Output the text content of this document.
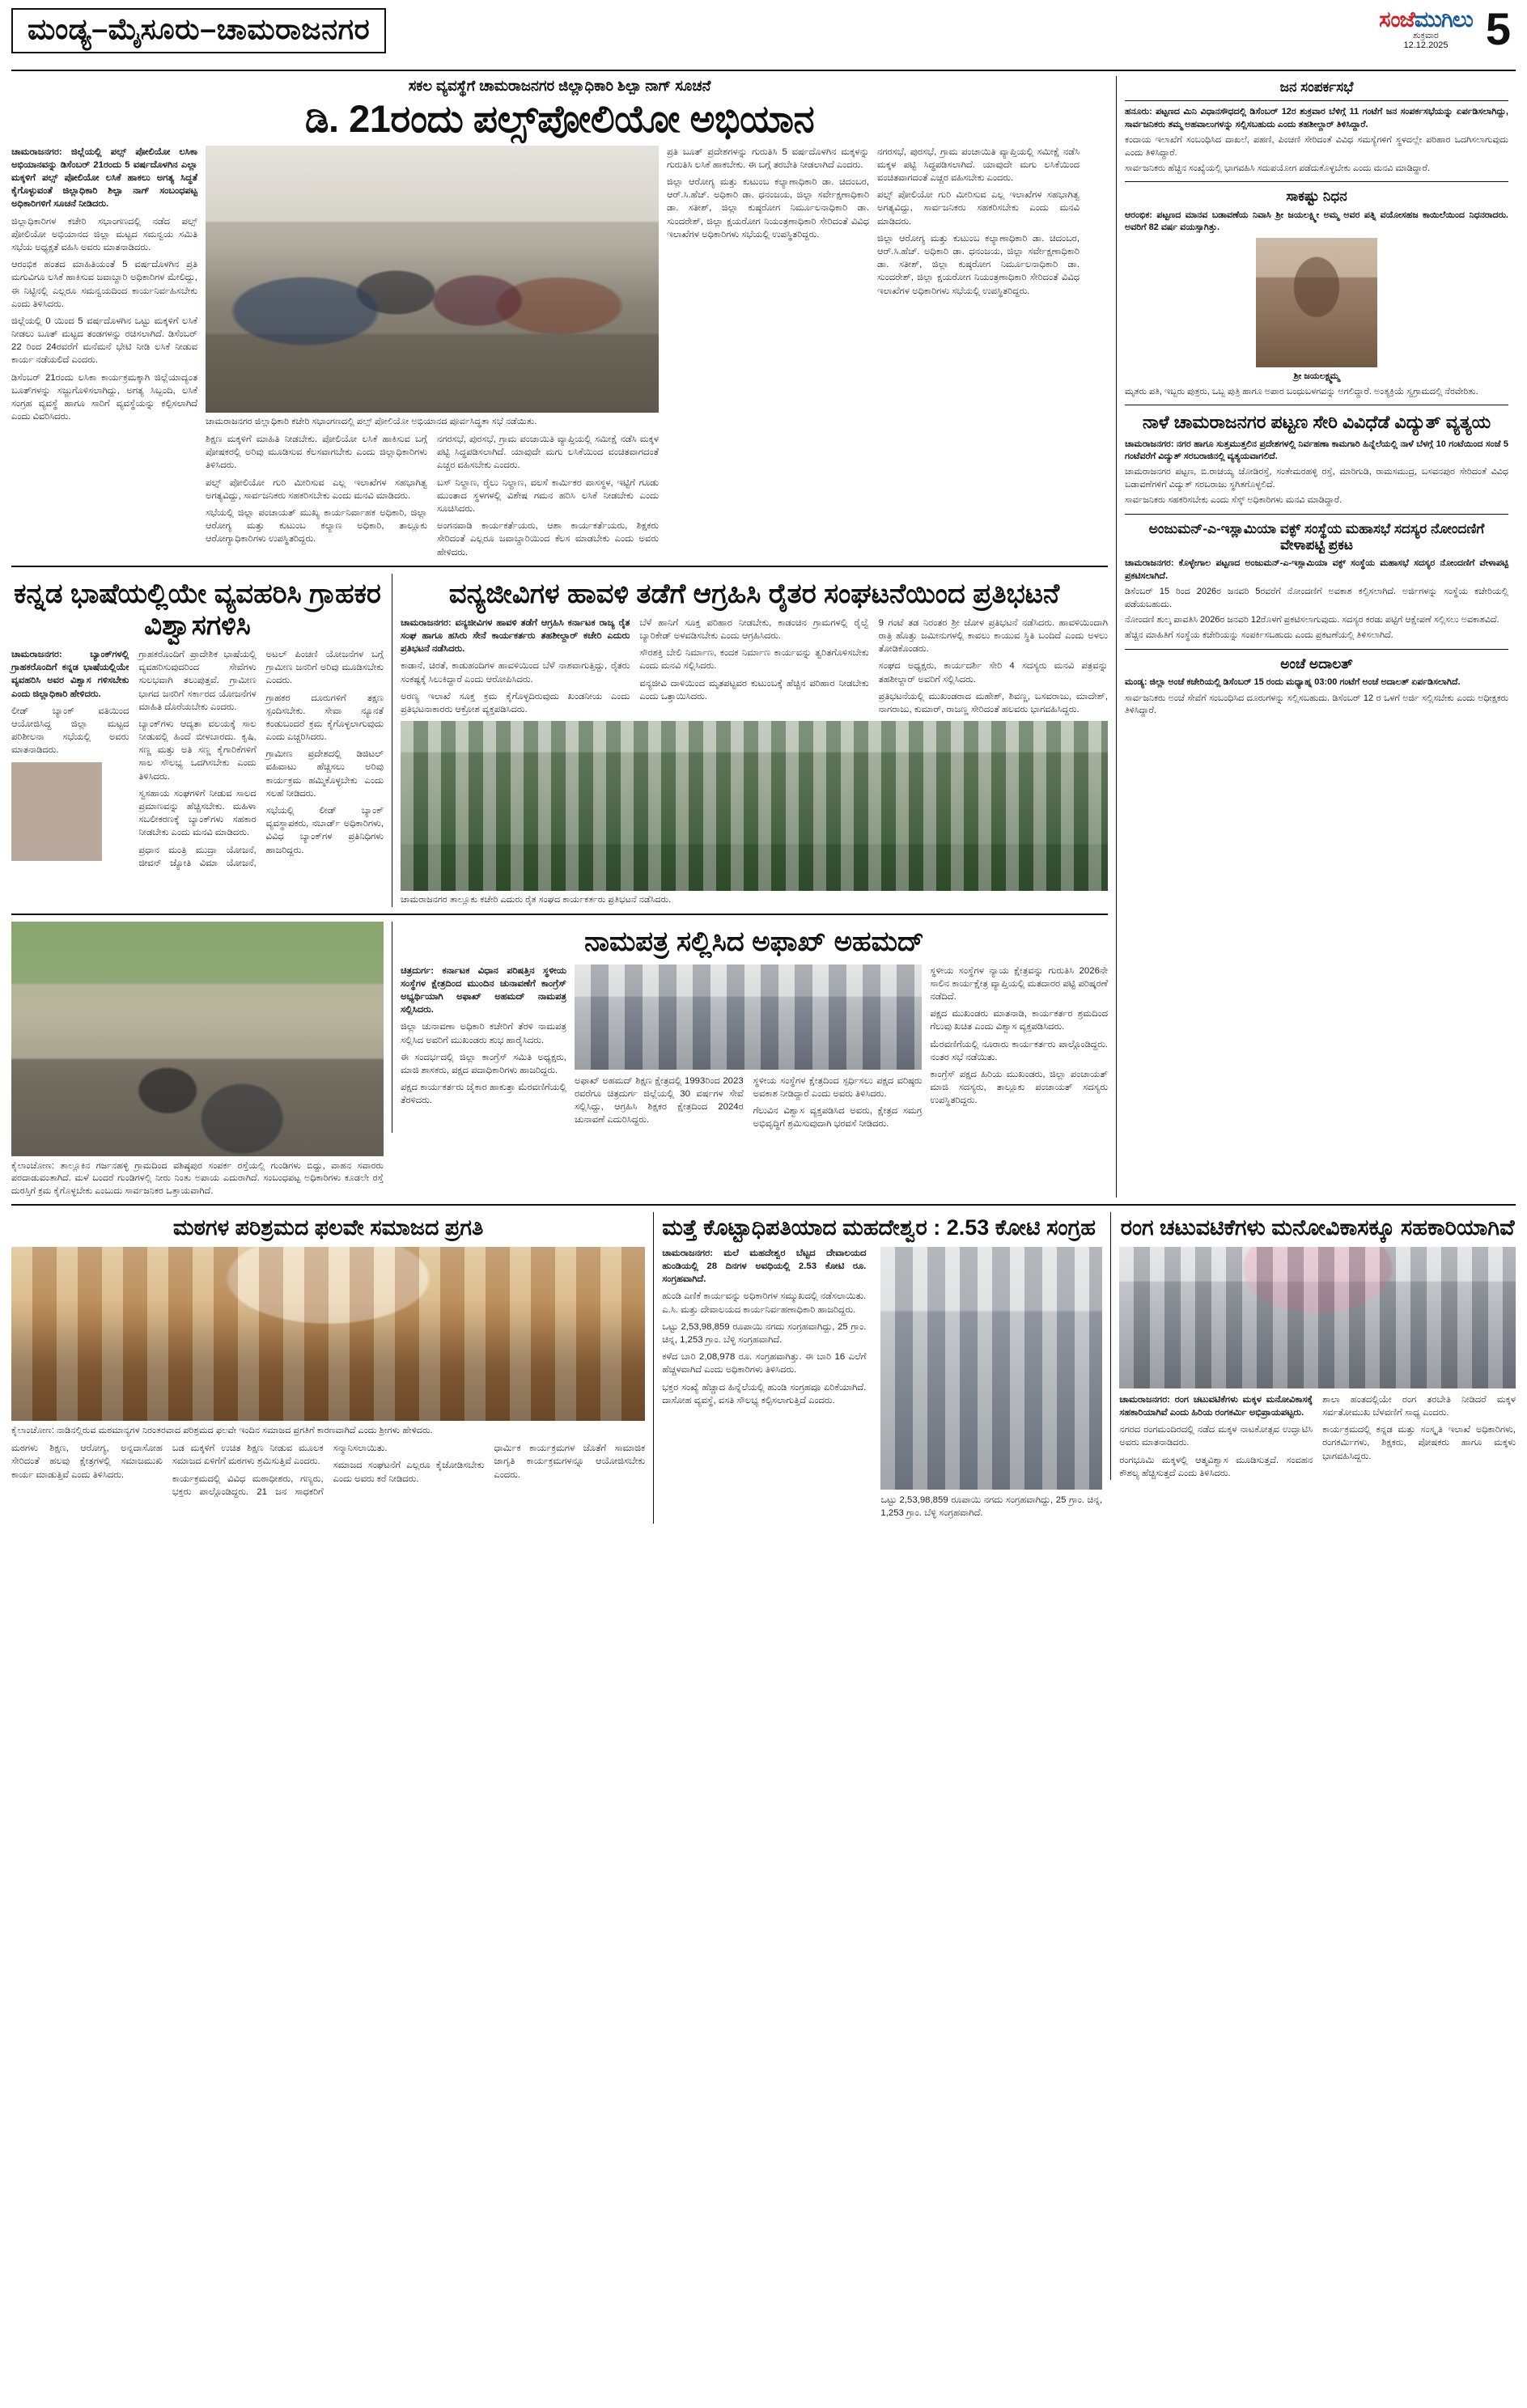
ಮಂಡ್ಯ–ಮೈಸೂರು–ಚಾಮರಾಜನಗರ	ಸಂಜೆಮುಗಿಲು
ಶುಕ್ರವಾರ
12.12.2025 5
ಸಕಲ ವ್ಯವಸ್ಥೆಗೆ ಚಾಮರಾಜನಗರ ಜಿಲ್ಲಾಧಿಕಾರಿ ಶಿಲ್ಪಾ ನಾಗ್ ಸೂಚನೆ
ಡಿ. 21ರಂದು ಪಲ್ಸ್‌ಪೋಲಿಯೋ ಅಭಿಯಾನ

ಚಾಮರಾಜನಗರ: ಜಿಲ್ಲೆಯಲ್ಲಿ ಪಲ್ಸ್ ಪೋಲಿಯೋ ಲಸಿಕಾ ಅಭಿಯಾನವನ್ನು ಡಿಸೆಂಬರ್ 21ರಂದು 5 ವರ್ಷದೊಳಗಿನ ಎಲ್ಲಾ ಮಕ್ಕಳಿಗೆ ಪಲ್ಸ್ ಪೋಲಿಯೋ ಲಸಿಕೆ ಹಾಕಲು ಅಗತ್ಯ ಸಿದ್ಧತೆ ಕೈಗೊಳ್ಳುವಂತೆ ಜಿಲ್ಲಾಧಿಕಾರಿ ಶಿಲ್ಪಾ ನಾಗ್ ಸಂಬಂಧಪಟ್ಟ ಅಧಿಕಾರಿಗಳಿಗೆ ಸೂಚನೆ ನೀಡಿದರು.

ಜಿಲ್ಲಾಧಿಕಾರಿಗಳ ಕಚೇರಿ ಸಭಾಂಗಣದಲ್ಲಿ ನಡೆದ ಪಲ್ಸ್ ಪೋಲಿಯೋ ಅಭಿಯಾನದ ಜಿಲ್ಲಾ ಮಟ್ಟದ ಸಮನ್ವಯ ಸಮಿತಿ ಸಭೆಯ ಅಧ್ಯಕ್ಷತೆ ವಹಿಸಿ ಅವರು ಮಾತನಾಡಿದರು.

ಆರಂಭಿಕ ಹಂತದ ಮಾಹಿತಿಯಂತೆ 5 ವರ್ಷದೊಳಗಿನ ಪ್ರತಿ ಮಗುವಿಗೂ ಲಸಿಕೆ ಹಾಕಿಸುವ ಜವಾಬ್ದಾರಿ ಅಧಿಕಾರಿಗಳ ಮೇಲಿದ್ದು, ಈ ನಿಟ್ಟಿನಲ್ಲಿ ಎಲ್ಲರೂ ಸಮನ್ವಯದಿಂದ ಕಾರ್ಯನಿರ್ವಹಿಸಬೇಕು ಎಂದು ತಿಳಿಸಿದರು.

ಜಿಲ್ಲೆಯಲ್ಲಿ 0 ಯಿಂದ 5 ವರ್ಷದೊಳಗಿನ ಒಟ್ಟು ಮಕ್ಕಳಿಗೆ ಲಸಿಕೆ ನೀಡಲು ಬೂತ್ ಮಟ್ಟದ ತಂಡಗಳನ್ನು ರಚಿಸಲಾಗಿದೆ. ಡಿಸೆಂಬರ್ 22 ರಿಂದ 24ರವರೆಗೆ ಮನೆಮನೆ ಭೇಟಿ ನೀಡಿ ಲಸಿಕೆ ನೀಡುವ ಕಾರ್ಯ ನಡೆಯಲಿದೆ ಎಂದರು.

ಡಿಸೆಂಬರ್ 21ರಂದು ಲಸಿಕಾ ಕಾರ್ಯಕ್ರಮಕ್ಕಾಗಿ ಜಿಲ್ಲೆಯಾದ್ಯಂತ ಬೂತ್‌ಗಳನ್ನು ಸಜ್ಜುಗೊಳಿಸಲಾಗಿದ್ದು, ಅಗತ್ಯ ಸಿಬ್ಬಂದಿ, ಲಸಿಕೆ ಸಂಗ್ರಹ ವ್ಯವಸ್ಥೆ ಹಾಗೂ ಸಾರಿಗೆ ವ್ಯವಸ್ಥೆಯನ್ನು ಕಲ್ಪಿಸಲಾಗಿದೆ ಎಂದು ವಿವರಿಸಿದರು.	ಚಾಮರಾಜನಗರ ಜಿಲ್ಲಾಧಿಕಾರಿ ಕಚೇರಿ ಸಭಾಂಗಣದಲ್ಲಿ ಪಲ್ಸ್ ಪೋಲಿಯೋ ಅಭಿಯಾನದ ಪೂರ್ವಸಿದ್ಧತಾ ಸಭೆ ನಡೆಯಿತು.

ಶಿಕ್ಷಣ ಮಕ್ಕಳಿಗೆ ಮಾಹಿತಿ ನೀಡಬೇಕು. ಪೋಲಿಯೋ ಲಸಿಕೆ ಹಾಕಿಸುವ ಬಗ್ಗೆ ಪೋಷಕರಲ್ಲಿ ಅರಿವು ಮೂಡಿಸುವ ಕೆಲಸವಾಗಬೇಕು ಎಂದು ಜಿಲ್ಲಾಧಿಕಾರಿಗಳು ತಿಳಿಸಿದರು.

ಪಲ್ಸ್ ಪೋಲಿಯೋ ಗುರಿ ಮೀರಿಸುವ ಎಲ್ಲ ಇಲಾಖೆಗಳ ಸಹಭಾಗಿತ್ವ ಅಗತ್ಯವಿದ್ದು, ಸಾರ್ವಜನಿಕರು ಸಹಕರಿಸಬೇಕು ಎಂದು ಮನವಿ ಮಾಡಿದರು.

ಸಭೆಯಲ್ಲಿ ಜಿಲ್ಲಾ ಪಂಚಾಯತ್ ಮುಖ್ಯ ಕಾರ್ಯನಿರ್ವಾಹಕ ಅಧಿಕಾರಿ, ಜಿಲ್ಲಾ ಆರೋಗ್ಯ ಮತ್ತು ಕುಟುಂಬ ಕಲ್ಯಾಣ ಅಧಿಕಾರಿ, ತಾಲ್ಲೂಕು ಆರೋಗ್ಯಾಧಿಕಾರಿಗಳು ಉಪಸ್ಥಿತರಿದ್ದರು.

ನಗರಸಭೆ, ಪುರಸಭೆ, ಗ್ರಾಮ ಪಂಚಾಯಿತಿ ವ್ಯಾಪ್ತಿಯಲ್ಲಿ ಸಮೀಕ್ಷೆ ನಡೆಸಿ ಮಕ್ಕಳ ಪಟ್ಟಿ ಸಿದ್ಧಪಡಿಸಲಾಗಿದೆ. ಯಾವುದೇ ಮಗು ಲಸಿಕೆಯಿಂದ ವಂಚಿತವಾಗದಂತೆ ಎಚ್ಚರ ವಹಿಸಬೇಕು ಎಂದರು.

ಬಸ್ ನಿಲ್ದಾಣ, ರೈಲು ನಿಲ್ದಾಣ, ವಲಸೆ ಕಾರ್ಮಿಕರ ವಾಸಸ್ಥಳ, ಇಟ್ಟಿಗೆ ಗೂಡು ಮುಂತಾದ ಸ್ಥಳಗಳಲ್ಲಿ ವಿಶೇಷ ಗಮನ ಹರಿಸಿ ಲಸಿಕೆ ನೀಡಬೇಕು ಎಂದು ಸೂಚಿಸಿದರು.

ಅಂಗನವಾಡಿ ಕಾರ್ಯಕರ್ತೆಯರು, ಆಶಾ ಕಾರ್ಯಕರ್ತೆಯರು, ಶಿಕ್ಷಕರು ಸೇರಿದಂತೆ ಎಲ್ಲರೂ ಜವಾಬ್ದಾರಿಯಿಂದ ಕೆಲಸ ಮಾಡಬೇಕು ಎಂದು ಅವರು ಹೇಳಿದರು.

ಪ್ರತಿ ಬೂತ್ ಪ್ರದೇಶಗಳನ್ನು ಗುರುತಿಸಿ 5 ವರ್ಷದೊಳಗಿನ ಮಕ್ಕಳನ್ನು ಗುರುತಿಸಿ ಲಸಿಕೆ ಹಾಕಬೇಕು. ಈ ಬಗ್ಗೆ ತರಬೇತಿ ನೀಡಲಾಗಿದೆ ಎಂದರು.

ಜಿಲ್ಲಾ ಆರೋಗ್ಯ ಮತ್ತು ಕುಟುಂಬ ಕಲ್ಯಾಣಾಧಿಕಾರಿ ಡಾ. ಚಿದಂಬರ, ಆರ್.ಸಿ.ಹೆಚ್. ಅಧಿಕಾರಿ ಡಾ. ಧನಂಜಯ, ಜಿಲ್ಲಾ ಸರ್ವೇಕ್ಷಣಾಧಿಕಾರಿ ಡಾ. ಸತೀಶ್, ಜಿಲ್ಲಾ ಕುಷ್ಠರೋಗ ನಿರ್ಮೂಲನಾಧಿಕಾರಿ ಡಾ. ಸುಂದರೇಶ್, ಜಿಲ್ಲಾ ಕ್ಷಯರೋಗ ನಿಯಂತ್ರಣಾಧಿಕಾರಿ ಸೇರಿದಂತೆ ವಿವಿಧ ಇಲಾಖೆಗಳ ಅಧಿಕಾರಿಗಳು ಸಭೆಯಲ್ಲಿ ಉಪಸ್ಥಿತರಿದ್ದರು.

ನಗರಸಭೆ, ಪುರಸಭೆ, ಗ್ರಾಮ ಪಂಚಾಯಿತಿ ವ್ಯಾಪ್ತಿಯಲ್ಲಿ ಸಮೀಕ್ಷೆ ನಡೆಸಿ ಮಕ್ಕಳ ಪಟ್ಟಿ ಸಿದ್ಧಪಡಿಸಲಾಗಿದೆ. ಯಾವುದೇ ಮಗು ಲಸಿಕೆಯಿಂದ ವಂಚಿತವಾಗದಂತೆ ಎಚ್ಚರ ವಹಿಸಬೇಕು ಎಂದರು.

ಪಲ್ಸ್ ಪೋಲಿಯೋ ಗುರಿ ಮೀರಿಸುವ ಎಲ್ಲ ಇಲಾಖೆಗಳ ಸಹಭಾಗಿತ್ವ ಅಗತ್ಯವಿದ್ದು, ಸಾರ್ವಜನಿಕರು ಸಹಕರಿಸಬೇಕು ಎಂದು ಮನವಿ ಮಾಡಿದರು.

ಜಿಲ್ಲಾ ಆರೋಗ್ಯ ಮತ್ತು ಕುಟುಂಬ ಕಲ್ಯಾಣಾಧಿಕಾರಿ ಡಾ. ಚಿದಂಬರ, ಆರ್.ಸಿ.ಹೆಚ್. ಅಧಿಕಾರಿ ಡಾ. ಧನಂಜಯ, ಜಿಲ್ಲಾ ಸರ್ವೇಕ್ಷಣಾಧಿಕಾರಿ ಡಾ. ಸತೀಶ್, ಜಿಲ್ಲಾ ಕುಷ್ಠರೋಗ ನಿರ್ಮೂಲನಾಧಿಕಾರಿ ಡಾ. ಸುಂದರೇಶ್, ಜಿಲ್ಲಾ ಕ್ಷಯರೋಗ ನಿಯಂತ್ರಣಾಧಿಕಾರಿ ಸೇರಿದಂತೆ ವಿವಿಧ ಇಲಾಖೆಗಳ ಅಧಿಕಾರಿಗಳು ಸಭೆಯಲ್ಲಿ ಉಪಸ್ಥಿತರಿದ್ದರು.

ಕನ್ನಡ ಭಾಷೆಯಲ್ಲಿಯೇ ವ್ಯವಹರಿಸಿ ಗ್ರಾಹಕರ ವಿಶ್ವಾಸಗಳಿಸಿ

ಚಾಮರಾಜನಗರ: ಬ್ಯಾಂಕ್‌ಗಳಲ್ಲಿ ಗ್ರಾಹಕರೊಂದಿಗೆ ಕನ್ನಡ ಭಾಷೆಯಲ್ಲಿಯೇ ವ್ಯವಹರಿಸಿ ಅವರ ವಿಶ್ವಾಸ ಗಳಿಸಬೇಕು ಎಂದು ಜಿಲ್ಲಾಧಿಕಾರಿ ಹೇಳಿದರು.

ಲೀಡ್ ಬ್ಯಾಂಕ್ ವತಿಯಿಂದ ಆಯೋಜಿಸಿದ್ದ ಜಿಲ್ಲಾ ಮಟ್ಟದ ಪರಿಶೀಲನಾ ಸಭೆಯಲ್ಲಿ ಅವರು ಮಾತನಾಡಿದರು.

ಗ್ರಾಹಕರೊಂದಿಗೆ ಪ್ರಾದೇಶಿಕ ಭಾಷೆಯಲ್ಲಿ ವ್ಯವಹರಿಸುವುದರಿಂದ ಸೇವೆಗಳು ಸುಲಭವಾಗಿ ತಲುಪುತ್ತವೆ. ಗ್ರಾಮೀಣ ಭಾಗದ ಜನರಿಗೆ ಸರ್ಕಾರದ ಯೋಜನೆಗಳ ಮಾಹಿತಿ ದೊರೆಯಬೇಕು ಎಂದರು.

ಬ್ಯಾಂಕ್‌ಗಳು ಆದ್ಯತಾ ವಲಯಕ್ಕೆ ಸಾಲ ನೀಡುವಲ್ಲಿ ಹಿಂದೆ ಬೀಳಬಾರದು. ಕೃಷಿ, ಸಣ್ಣ ಮತ್ತು ಅತಿ ಸಣ್ಣ ಕೈಗಾರಿಕೆಗಳಿಗೆ ಸಾಲ ಸೌಲಭ್ಯ ಒದಗಿಸಬೇಕು ಎಂದು ತಿಳಿಸಿದರು.

ಸ್ವಸಹಾಯ ಸಂಘಗಳಿಗೆ ನೀಡುವ ಸಾಲದ ಪ್ರಮಾಣವನ್ನು ಹೆಚ್ಚಿಸಬೇಕು. ಮಹಿಳಾ ಸಬಲೀಕರಣಕ್ಕೆ ಬ್ಯಾಂಕ್‌ಗಳು ಸಹಕಾರ ನೀಡಬೇಕು ಎಂದು ಮನವಿ ಮಾಡಿದರು.

ಪ್ರಧಾನ ಮಂತ್ರಿ ಮುದ್ರಾ ಯೋಜನೆ, ಜೀವನ್ ಜ್ಯೋತಿ ವಿಮಾ ಯೋಜನೆ, ಅಟಲ್ ಪಿಂಚಣಿ ಯೋಜನೆಗಳ ಬಗ್ಗೆ ಗ್ರಾಮೀಣ ಜನರಿಗೆ ಅರಿವು ಮೂಡಿಸಬೇಕು ಎಂದರು.

ಗ್ರಾಹಕರ ದೂರುಗಳಿಗೆ ತಕ್ಷಣ ಸ್ಪಂದಿಸಬೇಕು. ಸೇವಾ ನ್ಯೂನತೆ ಕಂಡುಬಂದರೆ ಕ್ರಮ ಕೈಗೊಳ್ಳಲಾಗುವುದು ಎಂದು ಎಚ್ಚರಿಸಿದರು.

ಗ್ರಾಮೀಣ ಪ್ರದೇಶದಲ್ಲಿ ಡಿಜಿಟಲ್ ವಹಿವಾಟು ಹೆಚ್ಚಿಸಲು ಅರಿವು ಕಾರ್ಯಕ್ರಮ ಹಮ್ಮಿಕೊಳ್ಳಬೇಕು ಎಂದು ಸಲಹೆ ನೀಡಿದರು.

ಸಭೆಯಲ್ಲಿ ಲೀಡ್ ಬ್ಯಾಂಕ್ ವ್ಯವಸ್ಥಾಪಕರು, ನಬಾರ್ಡ್ ಅಧಿಕಾರಿಗಳು, ವಿವಿಧ ಬ್ಯಾಂಕ್‌ಗಳ ಪ್ರತಿನಿಧಿಗಳು ಹಾಜರಿದ್ದರು.

ವನ್ಯಜೀವಿಗಳ ಹಾವಳಿ ತಡೆಗೆ ಆಗ್ರಹಿಸಿ ರೈತರ ಸಂಘಟನೆಯಿಂದ ಪ್ರತಿಭಟನೆ

ಚಾಮರಾಜನಗರ: ವನ್ಯಜೀವಿಗಳ ಹಾವಳಿ ತಡೆಗೆ ಆಗ್ರಹಿಸಿ ಕರ್ನಾಟಕ ರಾಜ್ಯ ರೈತ ಸಂಘ ಹಾಗೂ ಹಸಿರು ಸೇನೆ ಕಾರ್ಯಕರ್ತರು ತಹಶೀಲ್ದಾರ್ ಕಚೇರಿ ಎದುರು ಪ್ರತಿಭಟನೆ ನಡೆಸಿದರು.

ಕಾಡಾನೆ, ಚಿರತೆ, ಕಾಡುಹಂದಿಗಳ ಹಾವಳಿಯಿಂದ ಬೆಳೆ ನಾಶವಾಗುತ್ತಿದ್ದು, ರೈತರು ಸಂಕಷ್ಟಕ್ಕೆ ಸಿಲುಕಿದ್ದಾರೆ ಎಂದು ಆರೋಪಿಸಿದರು.

ಅರಣ್ಯ ಇಲಾಖೆ ಸೂಕ್ತ ಕ್ರಮ ಕೈಗೊಳ್ಳದಿರುವುದು ಖಂಡನೀಯ ಎಂದು ಪ್ರತಿಭಟನಾಕಾರರು ಆಕ್ರೋಶ ವ್ಯಕ್ತಪಡಿಸಿದರು.

ಬೆಳೆ ಹಾನಿಗೆ ಸೂಕ್ತ ಪರಿಹಾರ ನೀಡಬೇಕು, ಕಾಡಂಚಿನ ಗ್ರಾಮಗಳಲ್ಲಿ ರೈಲ್ವೆ ಬ್ಯಾರಿಕೇಡ್ ಅಳವಡಿಸಬೇಕು ಎಂದು ಆಗ್ರಹಿಸಿದರು.

ಸೌರಶಕ್ತಿ ಬೇಲಿ ನಿರ್ಮಾಣ, ಕಂದಕ ನಿರ್ಮಾಣ ಕಾರ್ಯವನ್ನು ತ್ವರಿತಗೊಳಿಸಬೇಕು ಎಂದು ಮನವಿ ಸಲ್ಲಿಸಿದರು.

ವನ್ಯಜೀವಿ ದಾಳಿಯಿಂದ ಮೃತಪಟ್ಟವರ ಕುಟುಂಬಕ್ಕೆ ಹೆಚ್ಚಿನ ಪರಿಹಾರ ನೀಡಬೇಕು ಎಂದು ಒತ್ತಾಯಿಸಿದರು.

9 ಗಂಟೆ ತಡ ನಿರಂತರ ಶ್ರೀ ಜೋಳ ಪ್ರತಿಭಟನೆ ನಡೆಸಿದರು. ಹಾವಳಿಯಿಂದಾಗಿ ರಾತ್ರಿ ಹೊತ್ತು ಜಮೀನುಗಳಲ್ಲಿ ಕಾವಲು ಕಾಯುವ ಸ್ಥಿತಿ ಬಂದಿದೆ ಎಂದು ಅಳಲು ತೋಡಿಕೊಂಡರು.

ಸಂಘದ ಅಧ್ಯಕ್ಷರು, ಕಾರ್ಯದರ್ಶಿ ಸೇರಿ 4 ಸದಸ್ಯರು ಮನವಿ ಪತ್ರವನ್ನು ತಹಶೀಲ್ದಾರ್ ಅವರಿಗೆ ಸಲ್ಲಿಸಿದರು.

ಪ್ರತಿಭಟನೆಯಲ್ಲಿ ಮುಖಂಡರಾದ ಮಹೇಶ್, ಶಿವಣ್ಣ, ಬಸವರಾಜು, ಮಾದೇಶ್, ನಾಗರಾಜು, ಕುಮಾರ್, ರಾಜಣ್ಣ ಸೇರಿದಂತೆ ಹಲವರು ಭಾಗವಹಿಸಿದ್ದರು.

ಚಾಮರಾಜನಗರ ತಾಲ್ಲೂಕು ಕಚೇರಿ ಎದುರು ರೈತ ಸಂಘದ ಕಾರ್ಯಕರ್ತರು ಪ್ರತಿಭಟನೆ ನಡೆಸಿದರು.
ಕೈಲಾಂಚೋಣ: ತಾಲ್ಲೂಕಿನ ಗರ್ಜನಹಳ್ಳಿ ಗ್ರಾಮದಿಂದ ವಶಿಷ್ಠಪುರ ಸಂಪರ್ಕ ರಸ್ತೆಯಲ್ಲಿ ಗುಂಡಿಗಳು ಬಿದ್ದು, ವಾಹನ ಸವಾರರು ಪರದಾಡುವಂತಾಗಿದೆ. ಮಳೆ ಬಂದರೆ ಗುಂಡಿಗಳಲ್ಲಿ ನೀರು ನಿಂತು ಅಪಾಯ ಎದುರಾಗಿದೆ. ಸಂಬಂಧಪಟ್ಟ ಅಧಿಕಾರಿಗಳು ಕೂಡಲೇ ರಸ್ತೆ ದುರಸ್ತಿಗೆ ಕ್ರಮ ಕೈಗೊಳ್ಳಬೇಕು ಎಂಬುದು ಸಾರ್ವಜನಿಕರ ಒತ್ತಾಯವಾಗಿದೆ.
ನಾಮಪತ್ರ ಸಲ್ಲಿಸಿದ ಅಫಾಖ್ ಅಹಮದ್

ಚಿತ್ರದುರ್ಗ: ಕರ್ನಾಟಕ ವಿಧಾನ ಪರಿಷತ್ತಿನ ಸ್ಥಳೀಯ ಸಂಸ್ಥೆಗಳ ಕ್ಷೇತ್ರದಿಂದ ಮುಂದಿನ ಚುನಾವಣೆಗೆ ಕಾಂಗ್ರೆಸ್ ಅಭ್ಯರ್ಥಿಯಾಗಿ ಅಫಾಖ್ ಅಹಮದ್ ನಾಮಪತ್ರ ಸಲ್ಲಿಸಿದರು.

ಜಿಲ್ಲಾ ಚುನಾವಣಾ ಅಧಿಕಾರಿ ಕಚೇರಿಗೆ ತೆರಳಿ ನಾಮಪತ್ರ ಸಲ್ಲಿಸಿದ ಅವರಿಗೆ ಮುಖಂಡರು ಶುಭ ಹಾರೈಸಿದರು.

ಈ ಸಂದರ್ಭದಲ್ಲಿ ಜಿಲ್ಲಾ ಕಾಂಗ್ರೆಸ್ ಸಮಿತಿ ಅಧ್ಯಕ್ಷರು, ಮಾಜಿ ಶಾಸಕರು, ಪಕ್ಷದ ಪದಾಧಿಕಾರಿಗಳು ಹಾಜರಿದ್ದರು.

ಪಕ್ಷದ ಕಾರ್ಯಕರ್ತರು ಜೈಕಾರ ಹಾಕುತ್ತಾ ಮೆರವಣಿಗೆಯಲ್ಲಿ ತೆರಳಿದರು.

ಅಫಾಖ್ ಅಹಮದ್ ಶಿಕ್ಷಣ ಕ್ಷೇತ್ರದಲ್ಲಿ 1993ರಿಂದ 2023 ರವರೆಗೂ ಚಿತ್ರದುರ್ಗ ಜಿಲ್ಲೆಯಲ್ಲಿ 30 ವರ್ಷಗಳ ಸೇವೆ ಸಲ್ಲಿಸಿದ್ದು, ಆಗ್ರಹಿಸಿ ಶಿಕ್ಷಕರ ಕ್ಷೇತ್ರದಿಂದ 2024ರ ಚುನಾವಣೆ ಎದುರಿಸಿದ್ದರು.

ಸ್ಥಳೀಯ ಸಂಸ್ಥೆಗಳ ಕ್ಷೇತ್ರದಿಂದ ಸ್ಪರ್ಧಿಸಲು ಪಕ್ಷದ ವರಿಷ್ಠರು ಅವಕಾಶ ನೀಡಿದ್ದಾರೆ ಎಂದು ಅವರು ತಿಳಿಸಿದರು.

ಗೆಲುವಿನ ವಿಶ್ವಾಸ ವ್ಯಕ್ತಪಡಿಸಿದ ಅವರು, ಕ್ಷೇತ್ರದ ಸಮಗ್ರ ಅಭಿವೃದ್ಧಿಗೆ ಶ್ರಮಿಸುವುದಾಗಿ ಭರವಸೆ ನೀಡಿದರು.

ಸ್ಥಳೀಯ ಸಂಸ್ಥೆಗಳ ನ್ಯಾಯ ಕ್ಷೇತ್ರವನ್ನು ಗುರುತಿಸಿ 2026ನೇ ಸಾಲಿನ ಕಾರ್ಯಕ್ಷೇತ್ರ ವ್ಯಾಪ್ತಿಯಲ್ಲಿ ಮತದಾರರ ಪಟ್ಟಿ ಪರಿಷ್ಕರಣೆ ನಡೆದಿದೆ.

ಪಕ್ಷದ ಮುಖಂಡರು ಮಾತನಾಡಿ, ಕಾರ್ಯಕರ್ತರ ಶ್ರಮದಿಂದ ಗೆಲುವು ಖಚಿತ ಎಂದು ವಿಶ್ವಾಸ ವ್ಯಕ್ತಪಡಿಸಿದರು.

ಮೆರವಣಿಗೆಯಲ್ಲಿ ನೂರಾರು ಕಾರ್ಯಕರ್ತರು ಪಾಲ್ಗೊಂಡಿದ್ದರು. ನಂತರ ಸಭೆ ನಡೆಯಿತು.

ಕಾಂಗ್ರೆಸ್ ಪಕ್ಷದ ಹಿರಿಯ ಮುಖಂಡರು, ಜಿಲ್ಲಾ ಪಂಚಾಯತ್ ಮಾಜಿ ಸದಸ್ಯರು, ತಾಲ್ಲೂಕು ಪಂಚಾಯತ್ ಸದಸ್ಯರು ಉಪಸ್ಥಿತರಿದ್ದರು.

ಜನ ಸಂಪರ್ಕಸಭೆ

ಹನೂರು: ಪಟ್ಟಣದ ಮಿನಿ ವಿಧಾನಸೌಧದಲ್ಲಿ ಡಿಸೆಂಬರ್ 12ರ ಶುಕ್ರವಾರ ಬೆಳಿಗ್ಗೆ 11 ಗಂಟೆಗೆ ಜನ ಸಂಪರ್ಕಸಭೆಯನ್ನು ಏರ್ಪಡಿಸಲಾಗಿದ್ದು, ಸಾರ್ವಜನಿಕರು ತಮ್ಮ ಅಹವಾಲುಗಳನ್ನು ಸಲ್ಲಿಸಬಹುದು ಎಂದು ತಹಶೀಲ್ದಾರ್ ತಿಳಿಸಿದ್ದಾರೆ.

ಕಂದಾಯ ಇಲಾಖೆಗೆ ಸಂಬಂಧಿಸಿದ ದಾಖಲೆ, ಪಹಣಿ, ಪಿಂಚಣಿ ಸೇರಿದಂತೆ ವಿವಿಧ ಸಮಸ್ಯೆಗಳಿಗೆ ಸ್ಥಳದಲ್ಲೇ ಪರಿಹಾರ ಒದಗಿಸಲಾಗುವುದು ಎಂದು ತಿಳಿಸಿದ್ದಾರೆ.

ಸಾರ್ವಜನಿಕರು ಹೆಚ್ಚಿನ ಸಂಖ್ಯೆಯಲ್ಲಿ ಭಾಗವಹಿಸಿ ಸದುಪಯೋಗ ಪಡೆದುಕೊಳ್ಳಬೇಕು ಎಂದು ಮನವಿ ಮಾಡಿದ್ದಾರೆ.

ಸಾಕಷ್ಟು ನಿಧನ

ಆರಂಭಿಕ: ಪಟ್ಟಣದ ಮಾನವ ಬಡಾವಣೆಯ ನಿವಾಸಿ ಶ್ರೀ ಜಯಲಕ್ಷ್ಮೀ ಅಮ್ಮ ಅವರ ಪತ್ನಿ ವಯೋಸಹಜ ಕಾಯಿಲೆಯಿಂದ ನಿಧನರಾದರು. ಅವರಿಗೆ 82 ವರ್ಷ ವಯಸ್ಸಾಗಿತ್ತು.

ಶ್ರೀ ಜಯಲಕ್ಷ್ಮಮ್ಮ

ಮೃತರು ಪತಿ, ಇಬ್ಬರು ಪುತ್ರರು, ಒಬ್ಬ ಪುತ್ರಿ ಹಾಗೂ ಅಪಾರ ಬಂಧುಬಳಗವನ್ನು ಅಗಲಿದ್ದಾರೆ. ಅಂತ್ಯಕ್ರಿಯೆ ಸ್ವಗ್ರಾಮದಲ್ಲಿ ನೆರವೇರಿತು.

ನಾಳೆ ಚಾಮರಾಜನಗರ ಪಟ್ಟಣ ಸೇರಿ ವಿವಿಧೆಡೆ ವಿದ್ಯುತ್ ವ್ಯತ್ಯಯ

ಚಾಮರಾಜನಗರ: ನಗರ ಹಾಗೂ ಸುತ್ತಮುತ್ತಲಿನ ಪ್ರದೇಶಗಳಲ್ಲಿ ನಿರ್ವಹಣಾ ಕಾಮಗಾರಿ ಹಿನ್ನೆಲೆಯಲ್ಲಿ ನಾಳೆ ಬೆಳಗ್ಗೆ 10 ಗಂಟೆಯಿಂದ ಸಂಜೆ 5 ಗಂಟೆವರೆಗೆ ವಿದ್ಯುತ್ ಸರಬರಾಜಿನಲ್ಲಿ ವ್ಯತ್ಯಯವಾಗಲಿದೆ.

ಚಾಮರಾಜನಗರ ಪಟ್ಟಣ, ಬಿ.ರಾಚಯ್ಯ ಜೋಡಿರಸ್ತೆ, ಸಂತೇಮರಹಳ್ಳಿ ರಸ್ತೆ, ಮಾರಿಗುಡಿ, ರಾಮಸಮುದ್ರ, ಬಸವನಪುರ ಸೇರಿದಂತೆ ವಿವಿಧ ಬಡಾವಣೆಗಳಿಗೆ ವಿದ್ಯುತ್ ಸರಬರಾಜು ಸ್ಥಗಿತಗೊಳ್ಳಲಿದೆ.

ಸಾರ್ವಜನಿಕರು ಸಹಕರಿಸಬೇಕು ಎಂದು ಸೆಸ್ಕ್ ಅಧಿಕಾರಿಗಳು ಮನವಿ ಮಾಡಿದ್ದಾರೆ.

ಅಂಜುಮನ್-ಎ-ಇಸ್ಲಾಮಿಯಾ ವಕ್ಫ್ ಸಂಸ್ಥೆಯ ಮಹಾಸಭೆ ಸದಸ್ಯರ ನೋಂದಣಿಗೆ ವೇಳಾಪಟ್ಟಿ ಪ್ರಕಟ

ಚಾಮರಾಜನಗರ: ಕೊಳ್ಳೇಗಾಲ ಪಟ್ಟಣದ ಅಂಜುಮನ್-ಎ-ಇಸ್ಲಾಮಿಯಾ ವಕ್ಫ್ ಸಂಸ್ಥೆಯ ಮಹಾಸಭೆ ಸದಸ್ಯರ ನೋಂದಣಿಗೆ ವೇಳಾಪಟ್ಟಿ ಪ್ರಕಟಿಸಲಾಗಿದೆ.

ಡಿಸೆಂಬರ್ 15 ರಿಂದ 2026ರ ಜನವರಿ 5ರವರೆಗೆ ನೋಂದಣಿಗೆ ಅವಕಾಶ ಕಲ್ಪಿಸಲಾಗಿದೆ. ಅರ್ಜಿಗಳನ್ನು ಸಂಸ್ಥೆಯ ಕಚೇರಿಯಲ್ಲಿ ಪಡೆಯಬಹುದು.

ನೋಂದಣಿ ಶುಲ್ಕ ಪಾವತಿಸಿ 2026ರ ಜನವರಿ 12ರೊಳಗೆ ಪ್ರಕಟಿಸಲಾಗುವುದು. ಸದಸ್ಯರ ಕರಡು ಪಟ್ಟಿಗೆ ಆಕ್ಷೇಪಣೆ ಸಲ್ಲಿಸಲು ಅವಕಾಶವಿದೆ.

ಹೆಚ್ಚಿನ ಮಾಹಿತಿಗೆ ಸಂಸ್ಥೆಯ ಕಚೇರಿಯನ್ನು ಸಂಪರ್ಕಿಸಬಹುದು ಎಂದು ಪ್ರಕಟಣೆಯಲ್ಲಿ ತಿಳಿಸಲಾಗಿದೆ.

ಅಂಚೆ ಅದಾಲತ್

ಮಂಡ್ಯ: ಜಿಲ್ಲಾ ಅಂಚೆ ಕಚೇರಿಯಲ್ಲಿ ಡಿಸೆಂಬರ್ 15 ರಂದು ಮಧ್ಯಾಹ್ನ 03:00 ಗಂಟೆಗೆ ಅಂಚೆ ಅದಾಲತ್ ಏರ್ಪಡಿಸಲಾಗಿದೆ.

ಸಾರ್ವಜನಿಕರು ಅಂಚೆ ಸೇವೆಗೆ ಸಂಬಂಧಿಸಿದ ದೂರುಗಳನ್ನು ಸಲ್ಲಿಸಬಹುದು. ಡಿಸೆಂಬರ್ 12 ರ ಒಳಗೆ ಅರ್ಜಿ ಸಲ್ಲಿಸಬೇಕು ಎಂದು ಅಧೀಕ್ಷಕರು ತಿಳಿಸಿದ್ದಾರೆ.

ಮಠಗಳ ಪರಿಶ್ರಮದ ಫಲವೇ ಸಮಾಜದ ಪ್ರಗತಿ
ಕೈಲಾಂಚೋಣ: ನಾಡಿನಲ್ಲಿರುವ ಮಠಮಾನ್ಯಗಳ ನಿರಂತರವಾದ ಪರಿಶ್ರಮದ ಫಲವೇ ಇಂದಿನ ಸಮಾಜದ ಪ್ರಗತಿಗೆ ಕಾರಣವಾಗಿದೆ ಎಂದು ಶ್ರೀಗಳು ಹೇಳಿದರು.

ಮಠಗಳು ಶಿಕ್ಷಣ, ಆರೋಗ್ಯ, ಅನ್ನದಾಸೋಹ ಸೇರಿದಂತೆ ಹಲವು ಕ್ಷೇತ್ರಗಳಲ್ಲಿ ಸಮಾಜಮುಖಿ ಕಾರ್ಯ ಮಾಡುತ್ತಿವೆ ಎಂದು ತಿಳಿಸಿದರು.

ಬಡ ಮಕ್ಕಳಿಗೆ ಉಚಿತ ಶಿಕ್ಷಣ ನೀಡುವ ಮೂಲಕ ಸಮಾಜದ ಏಳಿಗೆಗೆ ಮಠಗಳು ಶ್ರಮಿಸುತ್ತಿವೆ ಎಂದರು.

ಕಾರ್ಯಕ್ರಮದಲ್ಲಿ ವಿವಿಧ ಮಠಾಧೀಶರು, ಗಣ್ಯರು, ಭಕ್ತರು ಪಾಲ್ಗೊಂಡಿದ್ದರು. 21 ಜನ ಸಾಧಕರಿಗೆ ಸನ್ಮಾನಿಸಲಾಯಿತು.

ಸಮಾಜದ ಸಂಘಟನೆಗೆ ಎಲ್ಲರೂ ಕೈಜೋಡಿಸಬೇಕು ಎಂದು ಅವರು ಕರೆ ನೀಡಿದರು.

ಧಾರ್ಮಿಕ ಕಾರ್ಯಕ್ರಮಗಳ ಜೊತೆಗೆ ಸಾಮಾಜಿಕ ಜಾಗೃತಿ ಕಾರ್ಯಕ್ರಮಗಳನ್ನೂ ಆಯೋಜಿಸಬೇಕು ಎಂದರು.

ಮತ್ತೆ ಕೊಟ್ಟಾಧಿಪತಿಯಾದ ಮಹದೇಶ್ವರ : 2.53 ಕೋಟಿ ಸಂಗ್ರಹ

ಚಾಮರಾಜನಗರ: ಮಲೆ ಮಹದೇಶ್ವರ ಬೆಟ್ಟದ ದೇವಾಲಯದ ಹುಂಡಿಯಲ್ಲಿ 28 ದಿನಗಳ ಅವಧಿಯಲ್ಲಿ 2.53 ಕೋಟಿ ರೂ. ಸಂಗ್ರಹವಾಗಿದೆ.

ಹುಂಡಿ ಎಣಿಕೆ ಕಾರ್ಯವನ್ನು ಅಧಿಕಾರಿಗಳ ಸಮ್ಮುಖದಲ್ಲಿ ನಡೆಸಲಾಯಿತು. ಎ.ಸಿ. ಮತ್ತು ದೇವಾಲಯದ ಕಾರ್ಯನಿರ್ವಹಣಾಧಿಕಾರಿ ಹಾಜರಿದ್ದರು.

ಒಟ್ಟು 2,53,98,859 ರೂಪಾಯಿ ನಗದು ಸಂಗ್ರಹವಾಗಿದ್ದು, 25 ಗ್ರಾಂ. ಚಿನ್ನ, 1,253 ಗ್ರಾಂ. ಬೆಳ್ಳಿ ಸಂಗ್ರಹವಾಗಿದೆ.

ಕಳೆದ ಬಾರಿ 2,08,978 ರೂ. ಸಂಗ್ರಹವಾಗಿತ್ತು. ಈ ಬಾರಿ 16 ಎಲೆಗೆ ಹೆಚ್ಚಳವಾಗಿದೆ ಎಂದು ಅಧಿಕಾರಿಗಳು ತಿಳಿಸಿದರು.

ಭಕ್ತರ ಸಂಖ್ಯೆ ಹೆಚ್ಚಾದ ಹಿನ್ನೆಲೆಯಲ್ಲಿ ಹುಂಡಿ ಸಂಗ್ರಹವೂ ಏರಿಕೆಯಾಗಿದೆ. ದಾಸೋಹ ವ್ಯವಸ್ಥೆ, ವಸತಿ ಸೌಲಭ್ಯ ಕಲ್ಪಿಸಲಾಗುತ್ತಿದೆ ಎಂದರು.

ಒಟ್ಟು 2,53,98,859 ರೂಪಾಯಿ ನಗದು ಸಂಗ್ರಹವಾಗಿದ್ದು, 25 ಗ್ರಾಂ. ಚಿನ್ನ, 1,253 ಗ್ರಾಂ. ಬೆಳ್ಳಿ ಸಂಗ್ರಹವಾಗಿದೆ.

ರಂಗ ಚಟುವಟಿಕೆಗಳು ಮನೋವಿಕಾಸಕ್ಕೂ ಸಹಕಾರಿಯಾಗಿವೆ

ಚಾಮರಾಜನಗರ: ರಂಗ ಚಟುವಟಿಕೆಗಳು ಮಕ್ಕಳ ಮನೋವಿಕಾಸಕ್ಕೆ ಸಹಕಾರಿಯಾಗಿವೆ ಎಂದು ಹಿರಿಯ ರಂಗಕರ್ಮಿ ಅಭಿಪ್ರಾಯಪಟ್ಟರು.

ನಗರದ ರಂಗಮಂದಿರದಲ್ಲಿ ನಡೆದ ಮಕ್ಕಳ ನಾಟಕೋತ್ಸವ ಉದ್ಘಾಟಿಸಿ ಅವರು ಮಾತನಾಡಿದರು.

ರಂಗಭೂಮಿ ಮಕ್ಕಳಲ್ಲಿ ಆತ್ಮವಿಶ್ವಾಸ ಮೂಡಿಸುತ್ತದೆ. ಸಂವಹನ ಕೌಶಲ್ಯ ಹೆಚ್ಚಿಸುತ್ತದೆ ಎಂದು ತಿಳಿಸಿದರು.

ಶಾಲಾ ಹಂತದಲ್ಲಿಯೇ ರಂಗ ತರಬೇತಿ ನೀಡಿದರೆ ಮಕ್ಕಳ ಸರ್ವತೋಮುಖ ಬೆಳವಣಿಗೆ ಸಾಧ್ಯ ಎಂದರು.

ಕಾರ್ಯಕ್ರಮದಲ್ಲಿ ಕನ್ನಡ ಮತ್ತು ಸಂಸ್ಕೃತಿ ಇಲಾಖೆ ಅಧಿಕಾರಿಗಳು, ರಂಗಕರ್ಮಿಗಳು, ಶಿಕ್ಷಕರು, ಪೋಷಕರು ಹಾಗೂ ಮಕ್ಕಳು ಭಾಗವಹಿಸಿದ್ದರು.
